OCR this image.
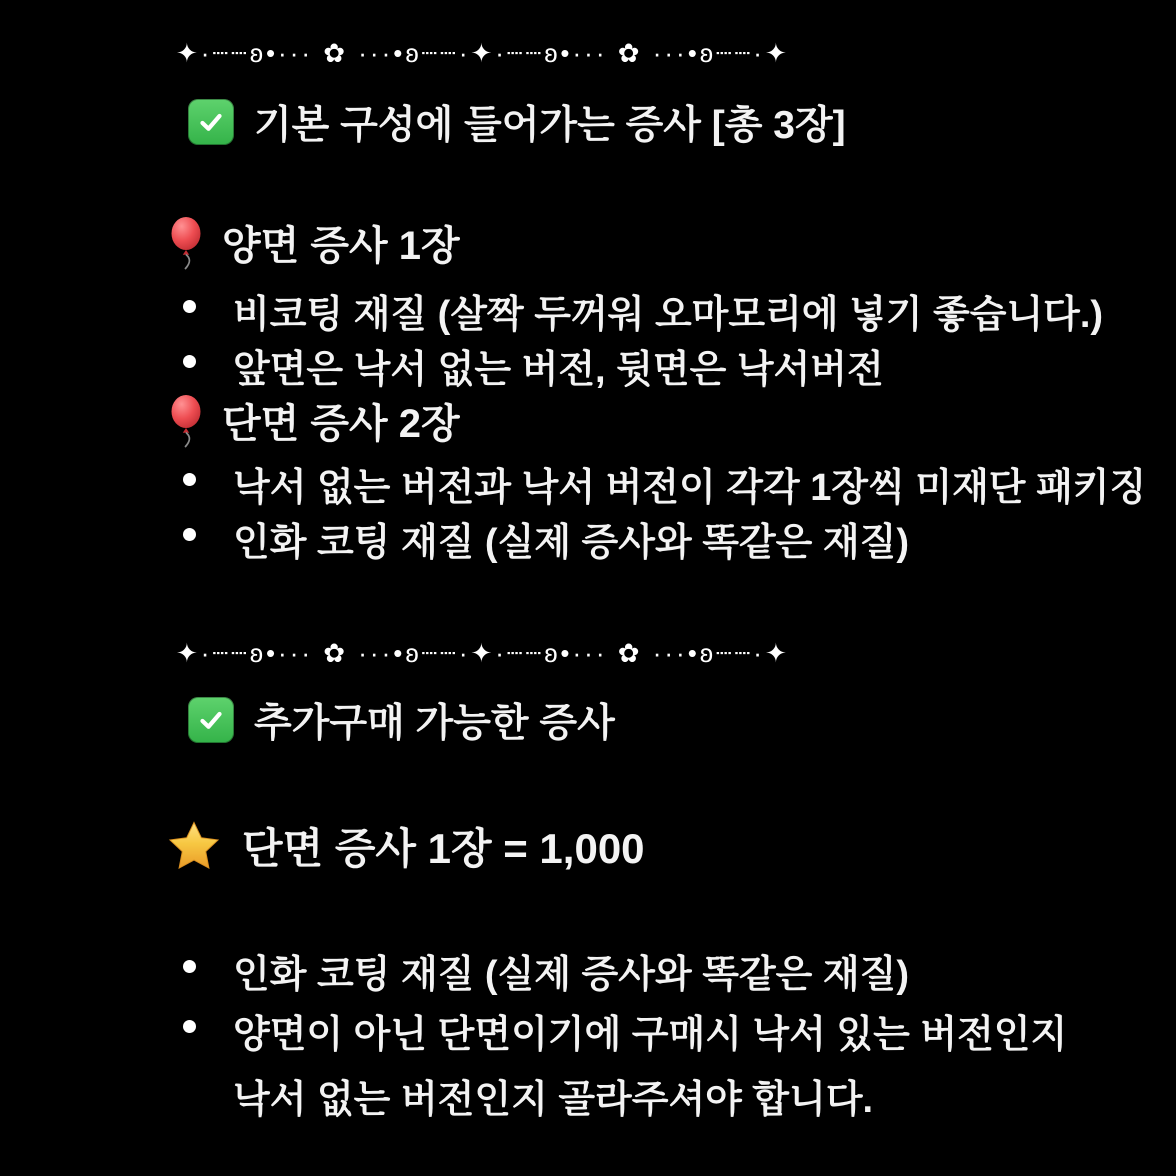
✦·┈┈ʚ•··· ✿ ···•ʚ┈┈·✦·┈┈ʚ•··· ✿ ···•ʚ┈┈·✦
기본 구성에 들어가는 증사 [총 3장]
양면 증사 1장
비코팅 재질 (살짝 두꺼워 오마모리에 넣기 좋습니다.)
앞면은 낙서 없는 버전, 뒷면은 낙서버전
단면 증사 2장
낙서 없는 버전과 낙서 버전이 각각 1장씩 미재단 패키징
인화 코팅 재질 (실제 증사와 똑같은 재질)
✦·┈┈ʚ•··· ✿ ···•ʚ┈┈·✦·┈┈ʚ•··· ✿ ···•ʚ┈┈·✦
추가구매 가능한 증사
단면 증사 1장 = 1,000
인화 코팅 재질 (실제 증사와 똑같은 재질)
양면이 아닌 단면이기에 구매시 낙서 있는 버전인지
낙서 없는 버전인지 골라주셔야 합니다.
